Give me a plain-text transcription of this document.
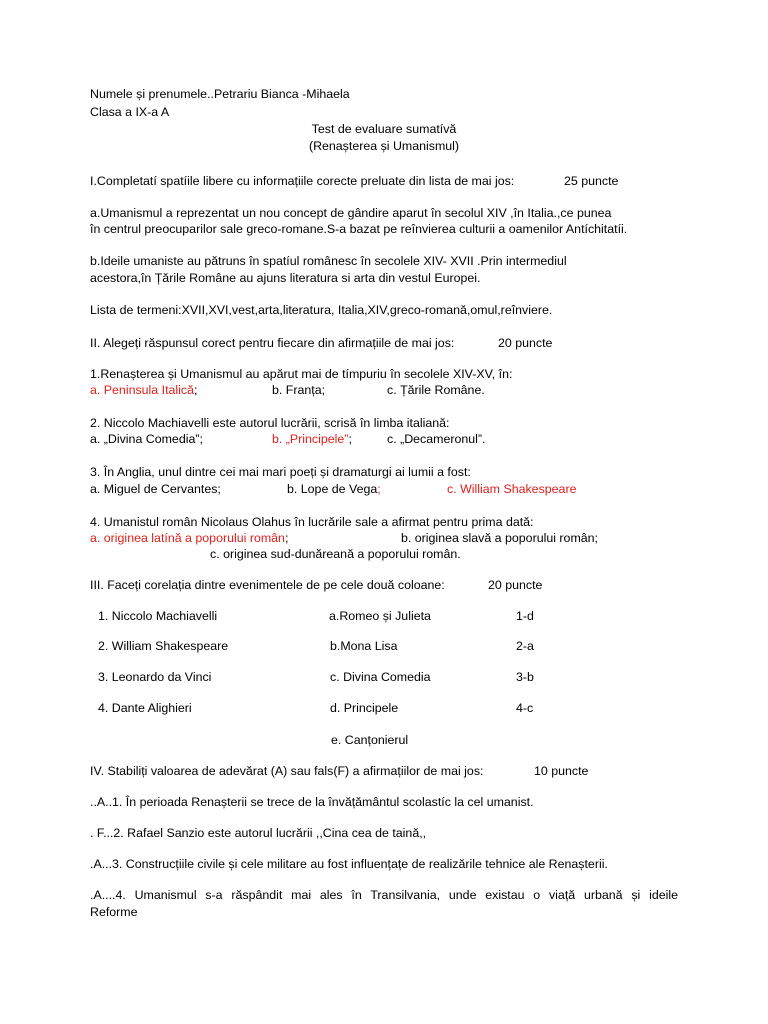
Numele și prenumele..Petrariu Bianca -Mihaela
Clasa a IX-a A
Test de evaluare sumatívă
(Renașterea și Umanismul)
I.Completatí spatíile libere cu informațiile corecte preluate din lista de mai jos:	25 puncte
a.Umanismul a reprezentat un nou concept de gândire aparut în secolul XIV ,în Italia.,ce punea
în centrul preocuparilor sale greco-romane.S-a bazat pe reînvierea culturii a oamenilor Antíchitatíi.
b.Ideile umaniste au pătruns în spatíul românesc în secolele XIV- XVII .Prin intermediul
acestora,în Țările Române au ajuns literatura si arta din vestul Europei.
Lista de termeni:XVII,XVI,vest,arta,literatura, Italia,XIV,greco-romană,omul,reînviere.
II. Alegeți răspunsul corect pentru fiecare din afirmațiile de mai jos:	20 puncte
1.Renașterea și Umanismul au apărut mai de tímpuriu în secolele XIV-XV, în:
a. Peninsula Italică;	b. Franța;	c. Țările Române.
2. Niccolo Machiavelli este autorul lucrării, scrisă în limba italiană:
a. „Divina Comedia”;	b. „Principele”;	c. „Decameronul”.
3. În Anglia, unul dintre cei mai mari poeți și dramaturgi ai lumii a fost:
a. Miguel de Cervantes;	b. Lope de Vega;	c. William Shakespeare
4. Umanistul român Nicolaus Olahus în lucrările sale a afirmat pentru prima dată:
a. originea latínă a poporului român;	b. originea slavă a poporului român;
c. originea sud-dunăreană a poporului român.
III. Faceți corelația dintre evenimentele de pe cele două coloane:	20 puncte
1. Niccolo Machiavelli	a.Romeo și Julieta	1-d
2. William Shakespeare	b.Mona Lisa	2-a
3. Leonardo da Vinci	c. Divina Comedia	3-b
4. Dante Alighieri	d. Principele	4-c
e. Canțonierul
IV. Stabiliți valoarea de adevărat (A) sau fals(F) a afirmațiilor de mai jos:	10 puncte
..A..1. În perioada Renașterii se trece de la învățământul scolastíc la cel umanist.
. F...2. Rafael Sanzio este autorul lucrării ,,Cina cea de taină,,
.A...3. Construcțiile civile și cele militare au fost influențațe de realizările tehnice ale Renașterii.
.A....4. Umanismul s-a răspândit mai ales în Transilvania, unde existau o viață urbană și ideile
Reforme
